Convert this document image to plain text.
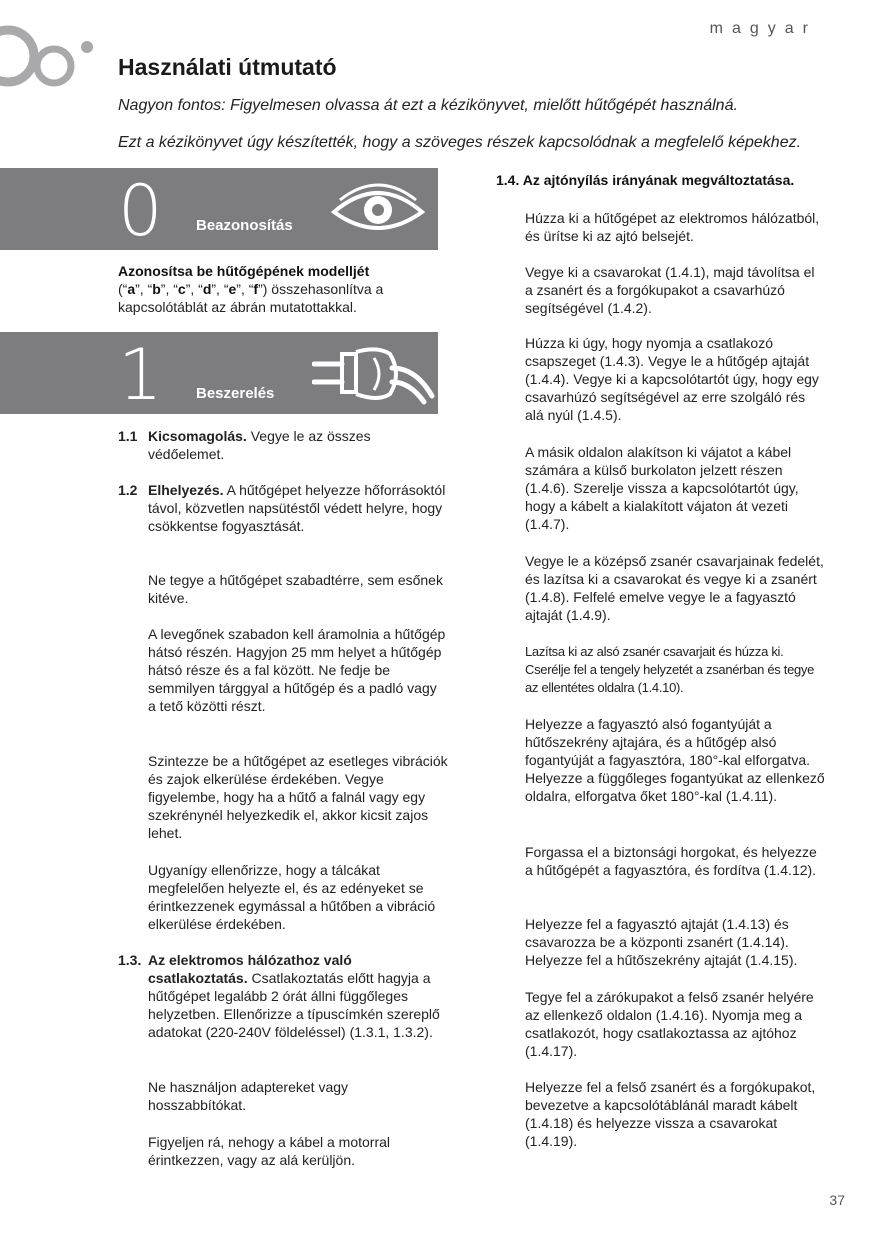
magyar
Használati útmutató
Nagyon fontos: Figyelmesen olvassa át ezt a kézikönyvet, mielőtt hűtőgépét használná.
Ezt a kézikönyvet úgy készítették, hogy a szöveges részek kapcsolódnak a megfelelő képekhez.
0 Beazonosítás
Azonosítsa be hűtőgépének modelljét
(“a”, “b”, “c”, “d”, “e”, “f”) összehasonlítva a kapcsolótáblát az ábrán mutatottakkal.
1 Beszerelés
1.1 Kicsomagolás. Vegye le az összes védőelemet.
1.2 Elhelyezés. A hűtőgépet helyezze hőforrásoktól távol, közvetlen napsütéstől védett helyre, hogy csökkentse fogyasztását.
Ne tegye a hűtőgépet szabadtérre, sem esőnek kitéve.
A levegőnek szabadon kell áramolnia a hűtőgép hátsó részén. Hagyjon 25 mm helyet a hűtőgép hátsó része és a fal között. Ne fedje be semmilyen tárggyal a hűtőgép és a padló vagy a tető közötti részt.
Szintezze be a hűtőgépet az esetleges vibrációk és zajok elkerülése érdekében. Vegye figyelembe, hogy ha a hűtő a falnál vagy egy szekrénynél helyezkedik el, akkor kicsit zajos lehet.
Ugyanígy ellenőrizze, hogy a tálcákat megfelelően helyezte el, és az edényeket se érintkezzenek egymással a hűtőben a vibráció elkerülése érdekében.
1.3. Az elektromos hálózathoz való csatlakoztatás. Csatlakoztatás előtt hagyja a hűtőgépet legalább 2 órát állni függőleges helyzetben. Ellenőrizze a típuscímkén szereplő adatokat (220-240V földeléssel) (1.3.1, 1.3.2).
Ne használjon adaptereket vagy hosszabbítókat.
Figyeljen rá, nehogy a kábel a motorral érintkezzen, vagy az alá kerüljön.
1.4. Az ajtónyílás irányának megváltoztatása.
Húzza ki a hűtőgépet az elektromos hálózatból, és ürítse ki az ajtó belsejét.
Vegye ki a csavarokat (1.4.1), majd távolítsa el a zsanért és a forgókupakot a csavarhúzó segítségével (1.4.2).
Húzza ki úgy, hogy nyomja a csatlakozó csapszeget (1.4.3). Vegye le a hűtőgép ajtaját (1.4.4). Vegye ki a kapcsolótartót úgy, hogy egy csavarhúzó segítségével az erre szolgáló rés alá nyúl (1.4.5).
A másik oldalon alakítson ki vájatot a kábel számára a külső burkolaton jelzett részen (1.4.6). Szerelje vissza a kapcsolótartót úgy, hogy a kábelt a kialakított vájaton át vezeti (1.4.7).
Vegye le a középső zsanér csavarjainak fedelét, és lazítsa ki a csavarokat és vegye ki a zsanért (1.4.8). Felfelé emelve vegye le a fagyasztó ajtaját (1.4.9).
Lazítsa ki az alsó zsanér csavarjait és húzza ki. Cserélje fel a tengely helyzetét a zsanérban és tegye az ellentétes oldalra (1.4.10).
Helyezze a fagyasztó alsó fogantyúját a hűtőszekrény ajtajára, és a hűtőgép alsó fogantyúját a fagyasztóra, 180°-kal elforgatva. Helyezze a függőleges fogantyúkat az ellenkező oldalra, elforgatva őket 180°-kal (1.4.11).
Forgassa el a biztonsági horgokat, és helyezze a hűtőgépét a fagyasztóra, és fordítva (1.4.12).
Helyezze fel a fagyasztó ajtaját (1.4.13) és csavarozza be a központi zsanért (1.4.14). Helyezze fel a hűtőszekrény ajtaját (1.4.15).
Tegye fel a zárókupakot a felső zsanér helyére az ellenkező oldalon (1.4.16). Nyomja meg a csatlakozót, hogy csatlakoztassa az ajtóhoz (1.4.17).
Helyezze fel a felső zsanért és a forgókupakot, bevezetve a kapcsolótáblánál maradt kábelt (1.4.18) és helyezze vissza a csavarokat (1.4.19).
37
